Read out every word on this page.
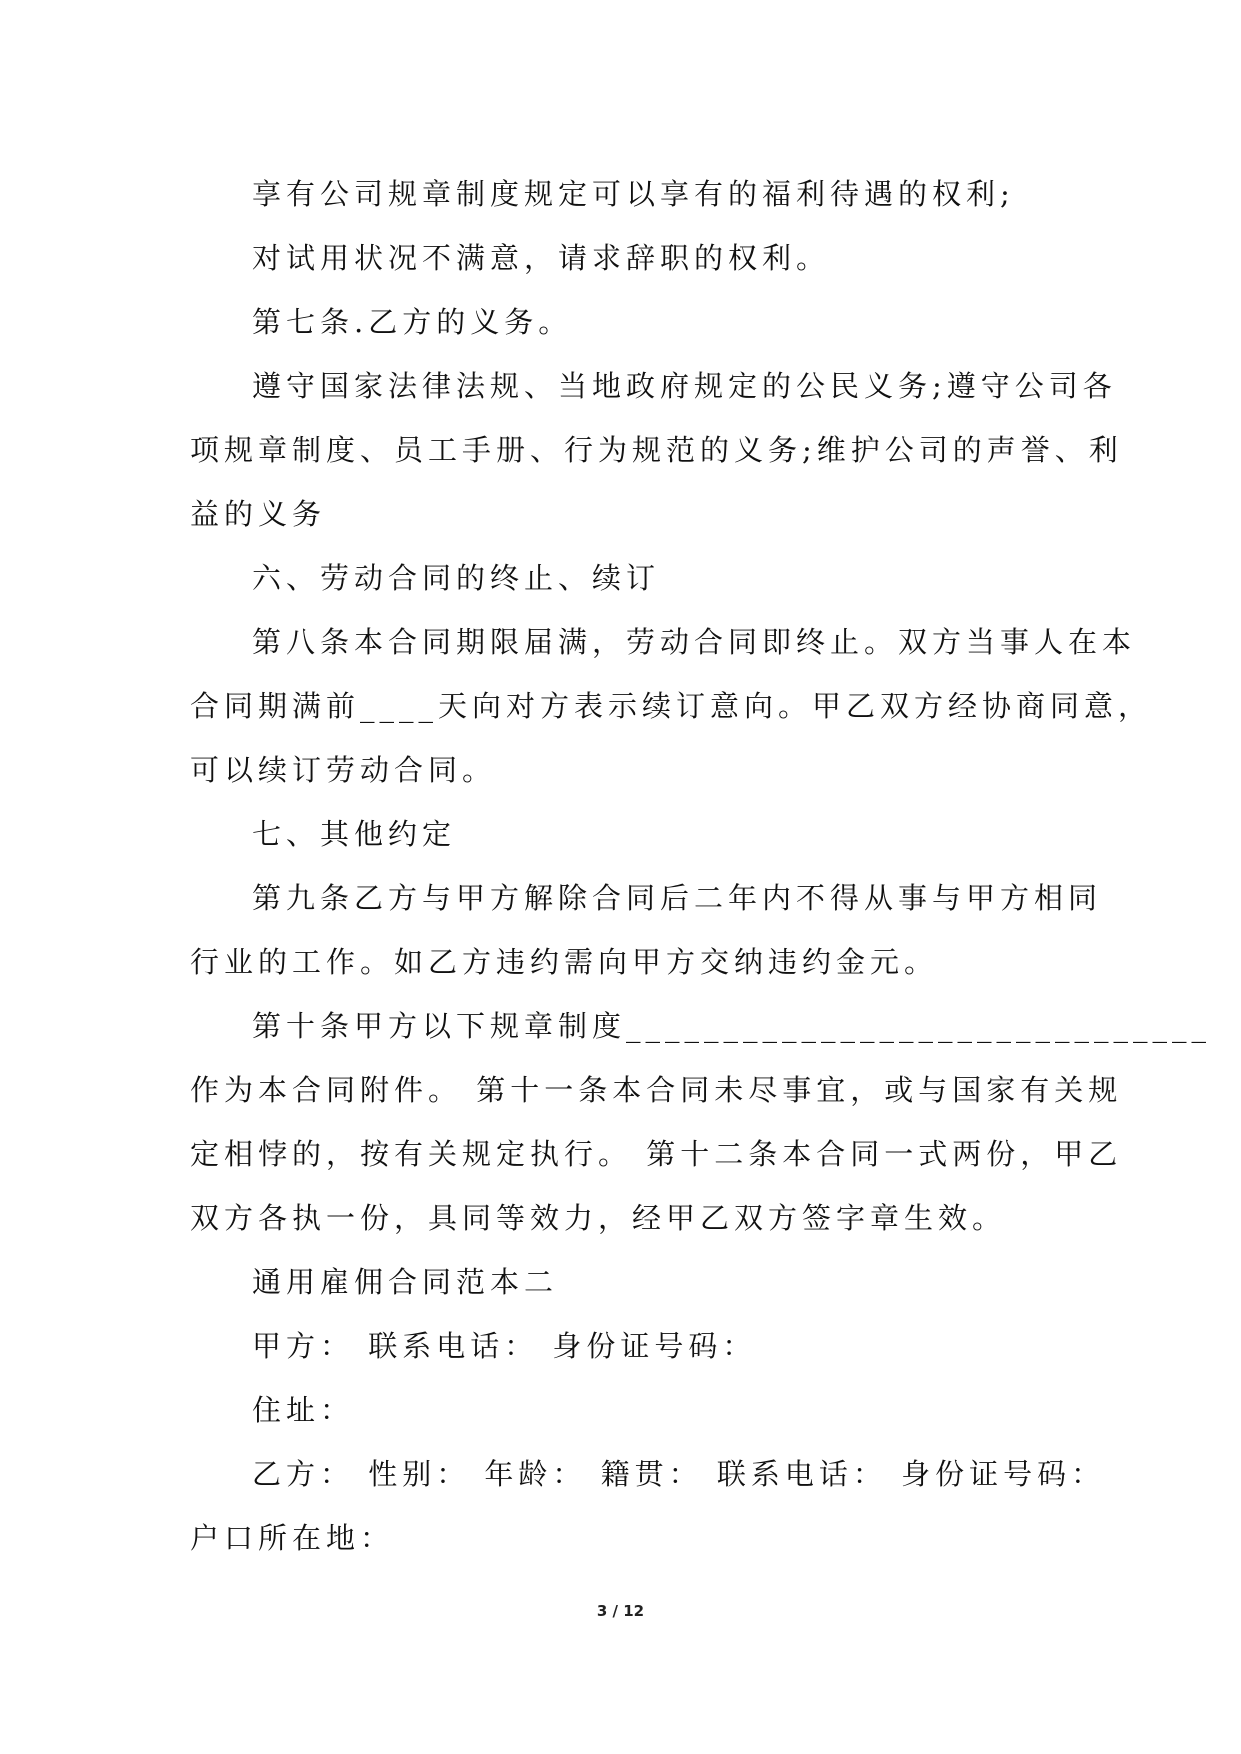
享有公司规章制度规定可以享有的福利待遇的权利;
对试用状况不满意，请求辞职的权利。
第七条.乙方的义务。
遵守国家法律法规、当地政府规定的公民义务;遵守公司各
项规章制度、员工手册、行为规范的义务;维护公司的声誉、利
益的义务
六、劳动合同的终止、续订
第八条本合同期限届满，劳动合同即终止。双方当事人在本
合同期满前____天向对方表示续订意向。甲乙双方经协商同意，
可以续订劳动合同。
七、其他约定
第九条乙方与甲方解除合同后二年内不得从事与甲方相同
行业的工作。如乙方违约需向甲方交纳违约金元。
第十条甲方以下规章制度______________________________
作为本合同附件。 第十一条本合同未尽事宜，或与国家有关规
定相悖的，按有关规定执行。 第十二条本合同一式两份，甲乙
双方各执一份，具同等效力，经甲乙双方签字章生效。
通用雇佣合同范本二
甲方： 联系电话： 身份证号码：
住址：
乙方： 性别： 年龄： 籍贯： 联系电话： 身份证号码：
户口所在地：
3 / 12
